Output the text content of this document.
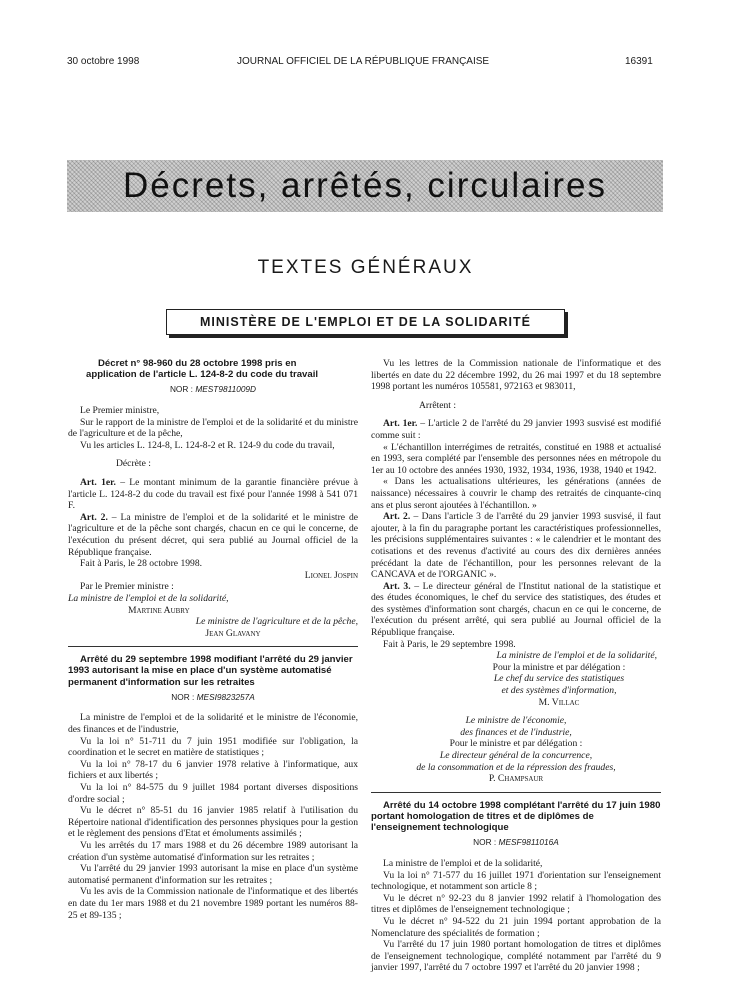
30 octobre 1998	JOURNAL OFFICIEL DE LA RÉPUBLIQUE FRANÇAISE	16391
Décrets, arrêtés, circulaires
TEXTES GÉNÉRAUX
MINISTÈRE DE L'EMPLOI ET DE LA SOLIDARITÉ

Décret n° 98-960 du 28 octobre 1998 pris en application de l'article L. 124-8-2 du code du travail

NOR : MEST9811009D

Le Premier ministre,

Sur le rapport de la ministre de l'emploi et de la solidarité et du ministre de l'agriculture et de la pêche,

Vu les articles L. 124-8, L. 124-8-2 et R. 124-9 du code du travail,

Décrète :

Art. 1er. – Le montant minimum de la garantie financière prévue à l'article L. 124-8-2 du code du travail est fixé pour l'année 1998 à 541 071 F.

Art. 2. – La ministre de l'emploi et de la solidarité et le ministre de l'agriculture et de la pêche sont chargés, chacun en ce qui le concerne, de l'exécution du présent décret, qui sera publié au Journal officiel de la République française.

Fait à Paris, le 28 octobre 1998.

Lionel Jospin

Par le Premier ministre :

La ministre de l'emploi et de la solidarité,

Martine Aubry

Le ministre de l'agriculture et de la pêche,

Jean Glavany

Arrêté du 29 septembre 1998 modifiant l'arrêté du 29 janvier 1993 autorisant la mise en place d'un système automatisé permanent d'information sur les retraites

NOR : MESI9823257A

La ministre de l'emploi et de la solidarité et le ministre de l'économie, des finances et de l'industrie,

Vu la loi n° 51-711 du 7 juin 1951 modifiée sur l'obligation, la coordination et le secret en matière de statistiques ;

Vu la loi n° 78-17 du 6 janvier 1978 relative à l'informatique, aux fichiers et aux libertés ;

Vu la loi n° 84-575 du 9 juillet 1984 portant diverses dispositions d'ordre social ;

Vu le décret n° 85-51 du 16 janvier 1985 relatif à l'utilisation du Répertoire national d'identification des personnes physiques pour la gestion et le règlement des pensions d'Etat et émoluments assimilés ;

Vu les arrêtés du 17 mars 1988 et du 26 décembre 1989 autorisant la création d'un système automatisé d'information sur les retraites ;

Vu l'arrêté du 29 janvier 1993 autorisant la mise en place d'un système automatisé permanent d'information sur les retraites ;

Vu les avis de la Commission nationale de l'informatique et des libertés en date du 1er mars 1988 et du 21 novembre 1989 portant les numéros 88-25 et 89-135 ;

Vu les lettres de la Commission nationale de l'informatique et des libertés en date du 22 décembre 1992, du 26 mai 1997 et du 18 septembre 1998 portant les numéros 105581, 972163 et 983011,

Arrêtent :

Art. 1er. – L'article 2 de l'arrêté du 29 janvier 1993 susvisé est modifié comme suit :

« L'échantillon interrégimes de retraités, constitué en 1988 et actualisé en 1993, sera complété par l'ensemble des personnes nées en métropole du 1er au 10 octobre des années 1930, 1932, 1934, 1936, 1938, 1940 et 1942.

« Dans les actualisations ultérieures, les générations (années de naissance) nécessaires à couvrir le champ des retraités de cinquante-cinq ans et plus seront ajoutées à l'échantillon. »

Art. 2. – Dans l'article 3 de l'arrêté du 29 janvier 1993 susvisé, il faut ajouter, à la fin du paragraphe portant les caractéristiques professionnelles, les précisions supplémentaires suivantes : « le calendrier et le montant des cotisations et des revenus d'activité au cours des dix dernières années précédant la date de l'échantillon, pour les personnes relevant de la CANCAVA et de l'ORGANIC ».

Art. 3. – Le directeur général de l'Institut national de la statistique et des études économiques, le chef du service des statistiques, des études et des systèmes d'information sont chargés, chacun en ce qui le concerne, de l'exécution du présent arrêté, qui sera publié au Journal officiel de la République française.

Fait à Paris, le 29 septembre 1998.

La ministre de l'emploi et de la solidarité,

Pour la ministre et par délégation :

Le chef du service des statistiques

et des systèmes d'information,

M. Villac

Le ministre de l'économie,

des finances et de l'industrie,

Pour le ministre et par délégation :

Le directeur général de la concurrence,

de la consommation et de la répression des fraudes,

P. Champsaur

Arrêté du 14 octobre 1998 complétant l'arrêté du 17 juin 1980 portant homologation de titres et de diplômes de l'enseignement technologique

NOR : MESF9811016A

La ministre de l'emploi et de la solidarité,

Vu la loi n° 71-577 du 16 juillet 1971 d'orientation sur l'enseignement technologique, et notamment son article 8 ;

Vu le décret n° 92-23 du 8 janvier 1992 relatif à l'homologation des titres et diplômes de l'enseignement technologique ;

Vu le décret n° 94-522 du 21 juin 1994 portant approbation de la Nomenclature des spécialités de formation ;

Vu l'arrêté du 17 juin 1980 portant homologation de titres et diplômes de l'enseignement technologique, complété notamment par l'arrêté du 9 janvier 1997, l'arrêté du 7 octobre 1997 et l'arrêté du 20 janvier 1998 ;
